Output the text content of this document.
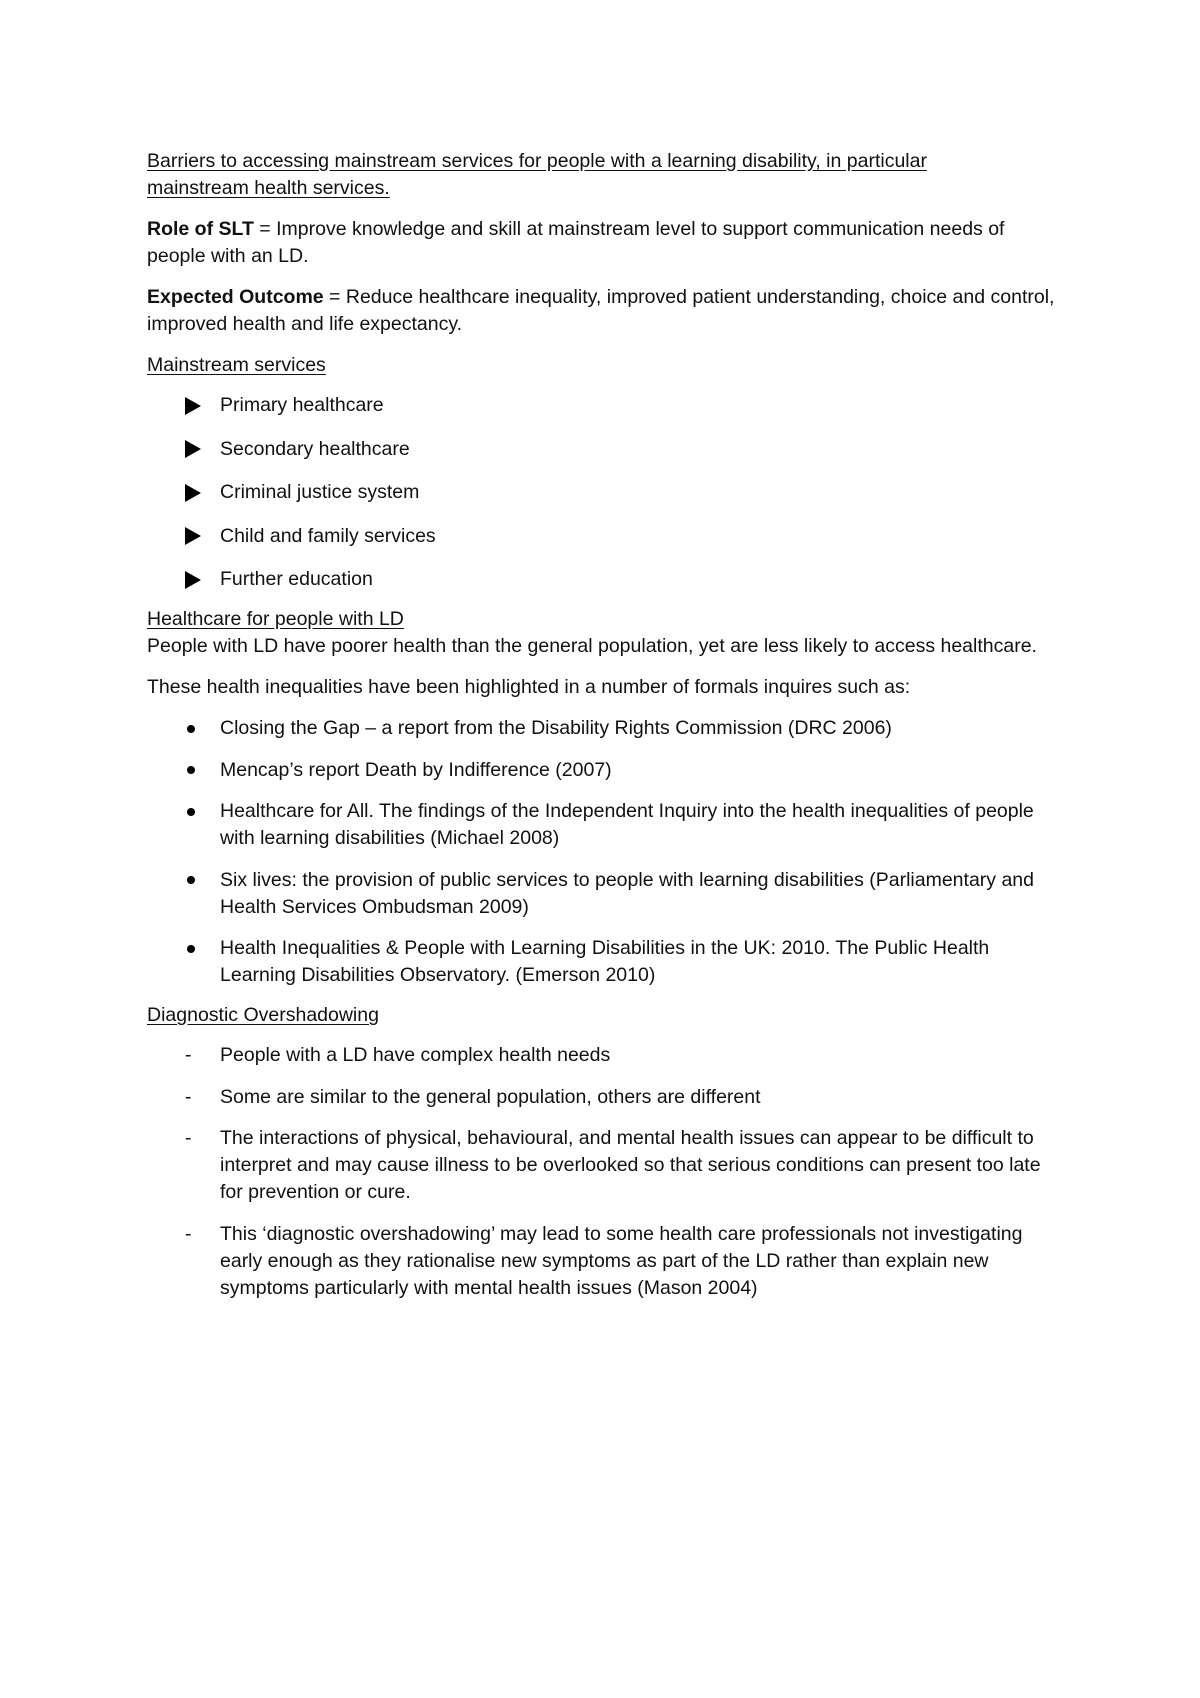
Barriers to accessing mainstream services for people with a learning disability, in particular
mainstream health services.

Role of SLT = Improve knowledge and skill at mainstream level to support communication needs of people with an LD.

Expected Outcome = Reduce healthcare inequality, improved patient understanding, choice and control, improved health and life expectancy.

Mainstream services

Primary healthcare
Secondary healthcare
Criminal justice system
Child and family services
Further education

Healthcare for people with LD

People with LD have poorer health than the general population, yet are less likely to access healthcare.

These health inequalities have been highlighted in a number of formals inquires such as:

Closing the Gap – a report from the Disability Rights Commission (DRC 2006)
Mencap’s report Death by Indifference (2007)
Healthcare for All. The findings of the Independent Inquiry into the health inequalities of people with learning disabilities (Michael 2008)
Six lives: the provision of public services to people with learning disabilities (Parliamentary and Health Services Ombudsman 2009)
Health Inequalities & People with Learning Disabilities in the UK: 2010. The Public Health Learning Disabilities Observatory. (Emerson 2010)

Diagnostic Overshadowing

- People with a LD have complex health needs
- Some are similar to the general population, others are different
- The interactions of physical, behavioural, and mental health issues can appear to be difficult to interpret and may cause illness to be overlooked so that serious conditions can present too late for prevention or cure.
- This ‘diagnostic overshadowing’ may lead to some health care professionals not investigating early enough as they rationalise new symptoms as part of the LD rather than explain new symptoms particularly with mental health issues (Mason 2004)
